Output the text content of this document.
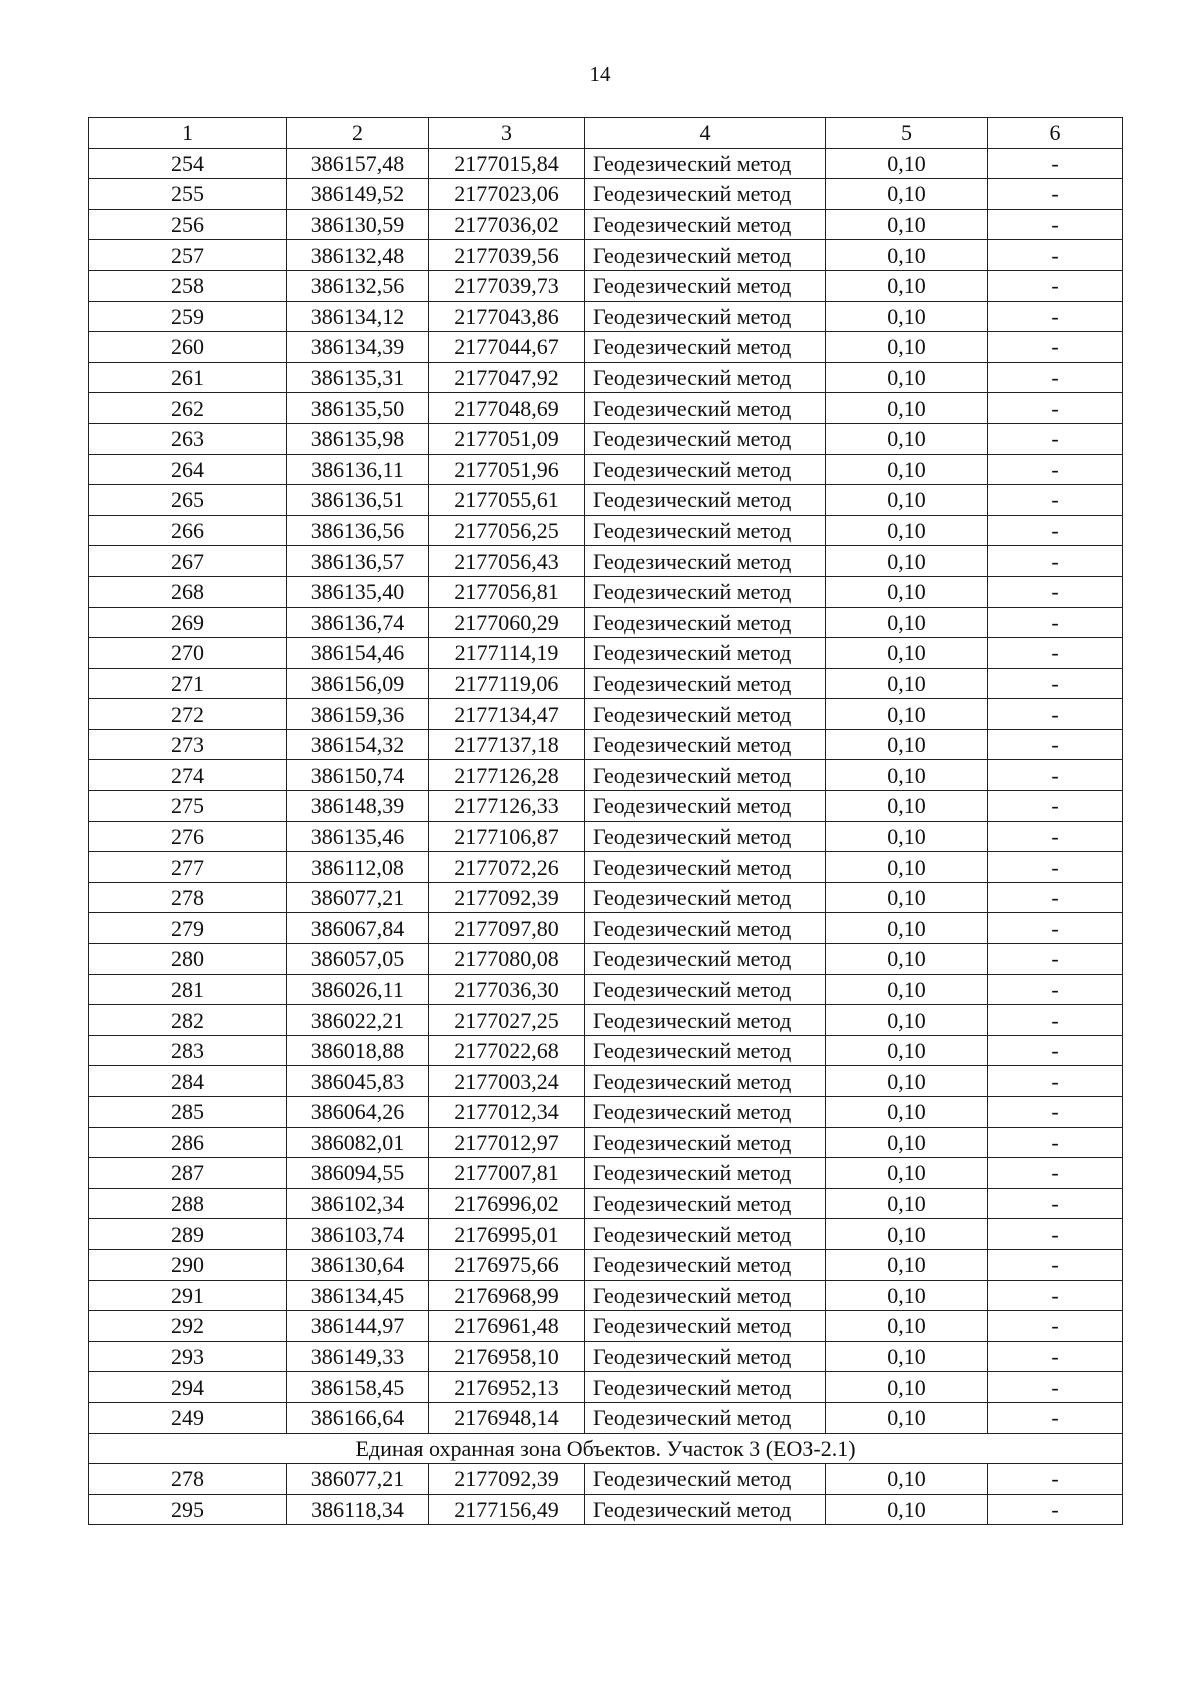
14
1	2	3	4	5	6
254	386157,48	2177015,84	Геодезический метод	0,10	-
255	386149,52	2177023,06	Геодезический метод	0,10	-
256	386130,59	2177036,02	Геодезический метод	0,10	-
257	386132,48	2177039,56	Геодезический метод	0,10	-
258	386132,56	2177039,73	Геодезический метод	0,10	-
259	386134,12	2177043,86	Геодезический метод	0,10	-
260	386134,39	2177044,67	Геодезический метод	0,10	-
261	386135,31	2177047,92	Геодезический метод	0,10	-
262	386135,50	2177048,69	Геодезический метод	0,10	-
263	386135,98	2177051,09	Геодезический метод	0,10	-
264	386136,11	2177051,96	Геодезический метод	0,10	-
265	386136,51	2177055,61	Геодезический метод	0,10	-
266	386136,56	2177056,25	Геодезический метод	0,10	-
267	386136,57	2177056,43	Геодезический метод	0,10	-
268	386135,40	2177056,81	Геодезический метод	0,10	-
269	386136,74	2177060,29	Геодезический метод	0,10	-
270	386154,46	2177114,19	Геодезический метод	0,10	-
271	386156,09	2177119,06	Геодезический метод	0,10	-
272	386159,36	2177134,47	Геодезический метод	0,10	-
273	386154,32	2177137,18	Геодезический метод	0,10	-
274	386150,74	2177126,28	Геодезический метод	0,10	-
275	386148,39	2177126,33	Геодезический метод	0,10	-
276	386135,46	2177106,87	Геодезический метод	0,10	-
277	386112,08	2177072,26	Геодезический метод	0,10	-
278	386077,21	2177092,39	Геодезический метод	0,10	-
279	386067,84	2177097,80	Геодезический метод	0,10	-
280	386057,05	2177080,08	Геодезический метод	0,10	-
281	386026,11	2177036,30	Геодезический метод	0,10	-
282	386022,21	2177027,25	Геодезический метод	0,10	-
283	386018,88	2177022,68	Геодезический метод	0,10	-
284	386045,83	2177003,24	Геодезический метод	0,10	-
285	386064,26	2177012,34	Геодезический метод	0,10	-
286	386082,01	2177012,97	Геодезический метод	0,10	-
287	386094,55	2177007,81	Геодезический метод	0,10	-
288	386102,34	2176996,02	Геодезический метод	0,10	-
289	386103,74	2176995,01	Геодезический метод	0,10	-
290	386130,64	2176975,66	Геодезический метод	0,10	-
291	386134,45	2176968,99	Геодезический метод	0,10	-
292	386144,97	2176961,48	Геодезический метод	0,10	-
293	386149,33	2176958,10	Геодезический метод	0,10	-
294	386158,45	2176952,13	Геодезический метод	0,10	-
249	386166,64	2176948,14	Геодезический метод	0,10	-
Единая охранная зона Объектов. Участок 3 (ЕОЗ-2.1)					
278	386077,21	2177092,39	Геодезический метод	0,10	-
295	386118,34	2177156,49	Геодезический метод	0,10	-
